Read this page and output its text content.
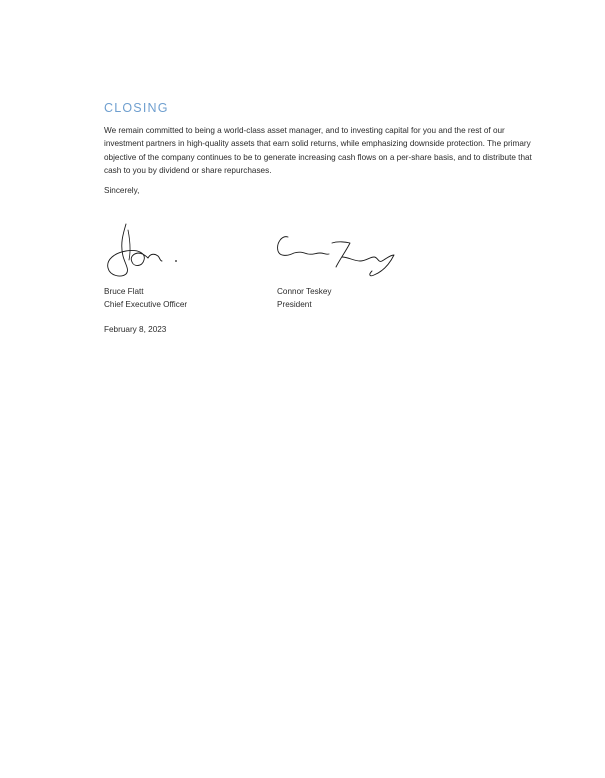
CLOSING

We remain committed to being a world-class asset manager, and to investing capital for you and the rest of our investment partners in high-quality assets that earn solid returns, while emphasizing downside protection. The primary objective of the company continues to be to generate increasing cash flows on a per-share basis, and to distribute that cash to you by dividend or share repurchases.

Sincerely,

Bruce Flatt
Chief Executive Officer
Connor Teskey
President

February 8, 2023
